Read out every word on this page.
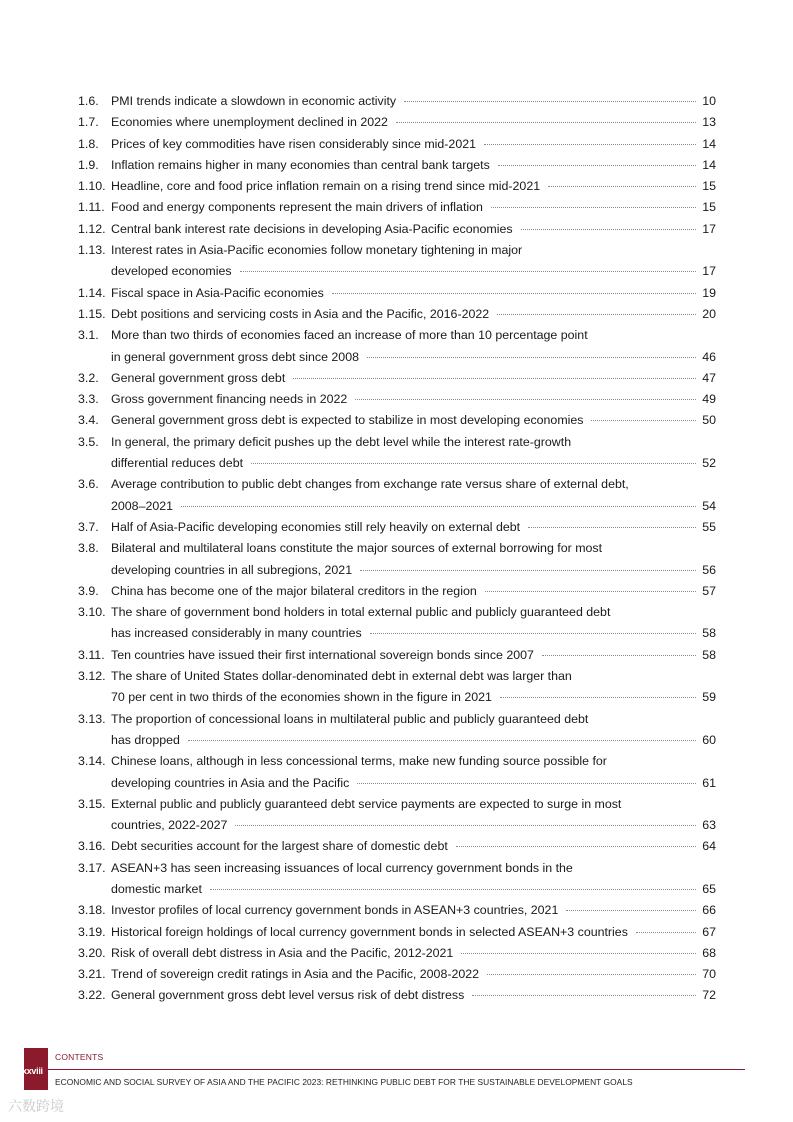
1.6. PMI trends indicate a slowdown in economic activity	10
1.7. Economies where unemployment declined in 2022	13
1.8. Prices of key commodities have risen considerably since mid-2021	14
1.9. Inflation remains higher in many economies than central bank targets	14
1.10. Headline, core and food price inflation remain on a rising trend since mid-2021	15
1.11. Food and energy components represent the main drivers of inflation	15
1.12. Central bank interest rate decisions in developing Asia-Pacific economies	17
1.13. Interest rates in Asia-Pacific economies follow monetary tightening in major
developed economies	17
1.14. Fiscal space in Asia-Pacific economies	19
1.15. Debt positions and servicing costs in Asia and the Pacific, 2016-2022	20
3.1. More than two thirds of economies faced an increase of more than 10 percentage point
in general government gross debt since 2008	46
3.2. General government gross debt	47
3.3. Gross government financing needs in 2022	49
3.4. General government gross debt is expected to stabilize in most developing economies	50
3.5. In general, the primary deficit pushes up the debt level while the interest rate-growth
differential reduces debt	52
3.6. Average contribution to public debt changes from exchange rate versus share of external debt,
2008–2021	54
3.7. Half of Asia-Pacific developing economies still rely heavily on external debt	55
3.8. Bilateral and multilateral loans constitute the major sources of external borrowing for most
developing countries in all subregions, 2021	56
3.9. China has become one of the major bilateral creditors in the region	57
3.10. The share of government bond holders in total external public and publicly guaranteed debt
has increased considerably in many countries	58
3.11. Ten countries have issued their first international sovereign bonds since 2007	58
3.12. The share of United States dollar-denominated debt in external debt was larger than
70 per cent in two thirds of the economies shown in the figure in 2021	59
3.13. The proportion of concessional loans in multilateral public and publicly guaranteed debt
has dropped	60
3.14. Chinese loans, although in less concessional terms, make new funding source possible for
developing countries in Asia and the Pacific	61
3.15. External public and publicly guaranteed debt service payments are expected to surge in most
countries, 2022-2027	63
3.16. Debt securities account for the largest share of domestic debt	64
3.17. ASEAN+3 has seen increasing issuances of local currency government bonds in the
domestic market	65
3.18. Investor profiles of local currency government bonds in ASEAN+3 countries, 2021	66
3.19. Historical foreign holdings of local currency government bonds in selected ASEAN+3 countries	67
3.20. Risk of overall debt distress in Asia and the Pacific, 2012-2021	68
3.21. Trend of sovereign credit ratings in Asia and the Pacific, 2008-2022	70
3.22. General government gross debt level versus risk of debt distress	72
xxviii
CONTENTS
ECONOMIC AND SOCIAL SURVEY OF ASIA AND THE PACIFIC 2023: RETHINKING PUBLIC DEBT FOR THE SUSTAINABLE DEVELOPMENT GOALS
六数跨境
